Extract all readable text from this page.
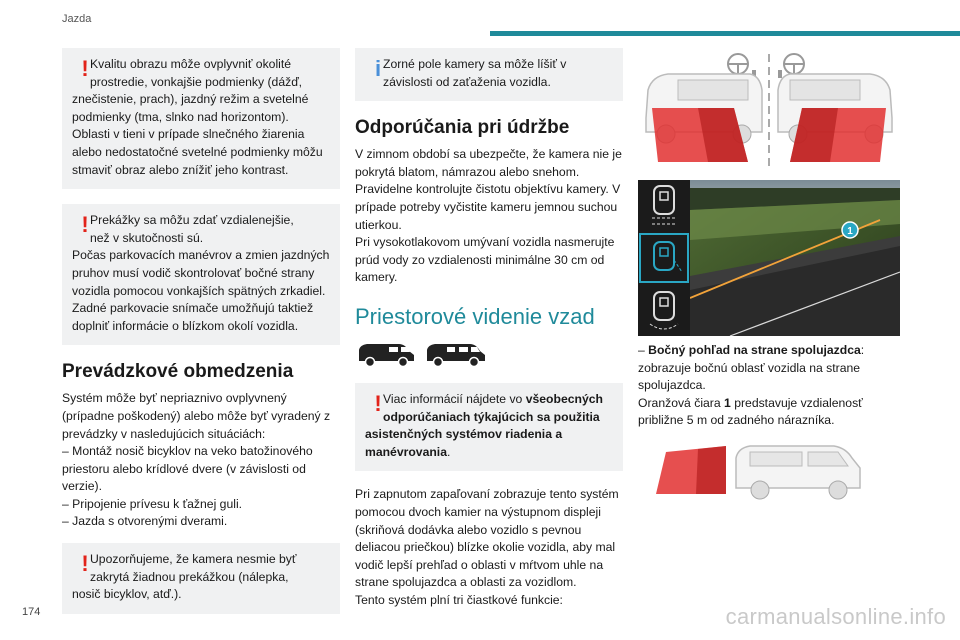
Jazda
! Kvalitu obrazu môže ovplyvniť okolité
prostredie, vonkajšie podmienky (dážď,
znečistenie, prach), jazdný režim a svetelné podmienky (tma, slnko nad horizontom). Oblasti v tieni v prípade slnečného žiarenia alebo nedostatočné svetelné podmienky môžu stmaviť obraz alebo znížiť jeho kontrast.

! Prekážky sa môžu zdať vzdialenejšie,
než v skutočnosti sú.
Počas parkovacích manévrov a zmien jazdných pruhov musí vodič skontrolovať bočné strany vozidla pomocou vonkajších spätných zrkadiel.

Zadné parkovacie snímače umožňujú taktiež doplniť informácie o blízkom okolí vozidla.

Prevádzkové obmedzenia

Systém môže byť nepriaznivo ovplyvnený (prípadne poškodený) alebo môže byť vyradený z prevádzky v nasledujúcich situáciách:

– Montáž nosič bicyklov na veko batožinového priestoru alebo krídlové dvere (v závislosti od verzie).

– Pripojenie prívesu k ťažnej guli.

– Jazda s otvorenými dverami.

! Upozorňujeme, že kamera nesmie byť
zakrytá žiadnou prekážkou (nálepka,
nosič bicyklov, atď.).

i Zorné pole kamery sa môže líšiť v
závislosti od zaťaženia vozidla.

Odporúčania pri údržbe

V zimnom období sa ubezpečte, že kamera nie je pokrytá blatom, námrazou alebo snehom.

Pravidelne kontrolujte čistotu objektívu kamery. V prípade potreby vyčistite kameru jemnou suchou utierkou.

Pri vysokotlakovom umývaní vozidla nasmerujte prúd vody zo vzdialenosti minimálne 30 cm od kamery.

Priestorové videnie vzad
! Viac informácií nájdete vo všeobecných
odporúčaniach týkajúcich sa použitia
asistenčných systémov riadenia a manévrovania.

Pri zapnutom zapaľovaní zobrazuje tento systém pomocou dvoch kamier na výstupnom displeji (skriňová dodávka alebo vozidlo s pevnou deliacou priečkou) blízke okolie vozidla, aby mal vodič lepší prehľad o oblasti v mŕtvom uhle na strane spolujazdca a oblasti za vozidlom.

Tento systém plní tri čiastkové funkcie:

1

– Bočný pohľad na strane spolujazdca: zobrazuje bočnú oblasť vozidla na strane spolujazdca.

Oranžová čiara 1 predstavuje vzdialenosť približne 5 m od zadného nárazníka.

174	carmanualsonline.info
